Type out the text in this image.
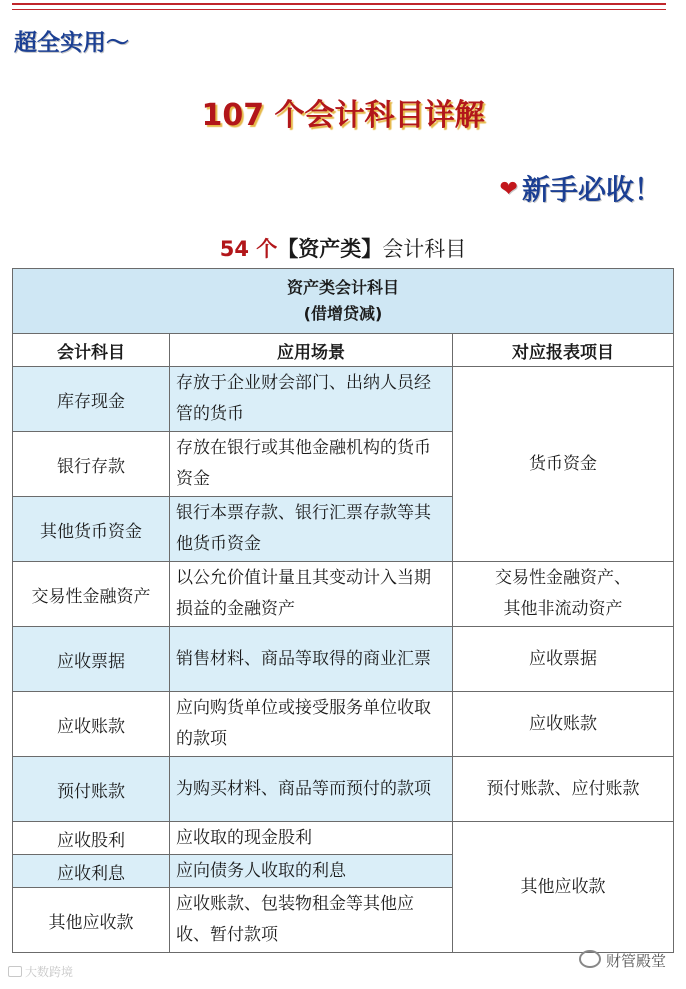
超全实用～
107 个会计科目详解
❤ 新手必收！
54 个【资产类】会计科目
资产类会计科目
(借增贷减)		

会计科目	应用场景	对应报表项目
库存现金	存放于企业财会部门、出纳人员经管的货币	货币资金
银行存款	存放在银行或其他金融机构的货币资金	
其他货币资金	银行本票存款、银行汇票存款等其他货币资金	
交易性金融资产	以公允价值计量且其变动计入当期损益的金融资产	交易性金融资产、
其他非流动资产

应收票据	销售材料、商品等取得的商业汇票	应收票据
应收账款	应向购货单位或接受服务单位收取的款项	应收账款
预付账款	为购买材料、商品等而预付的款项	预付账款、应付账款
应收股利	应收取的现金股利	其他应收款
应收利息	应向债务人收取的利息	
其他应收款	应收账款、包装物租金等其他应收、暂付款项	
大数跨境
财管殿堂
